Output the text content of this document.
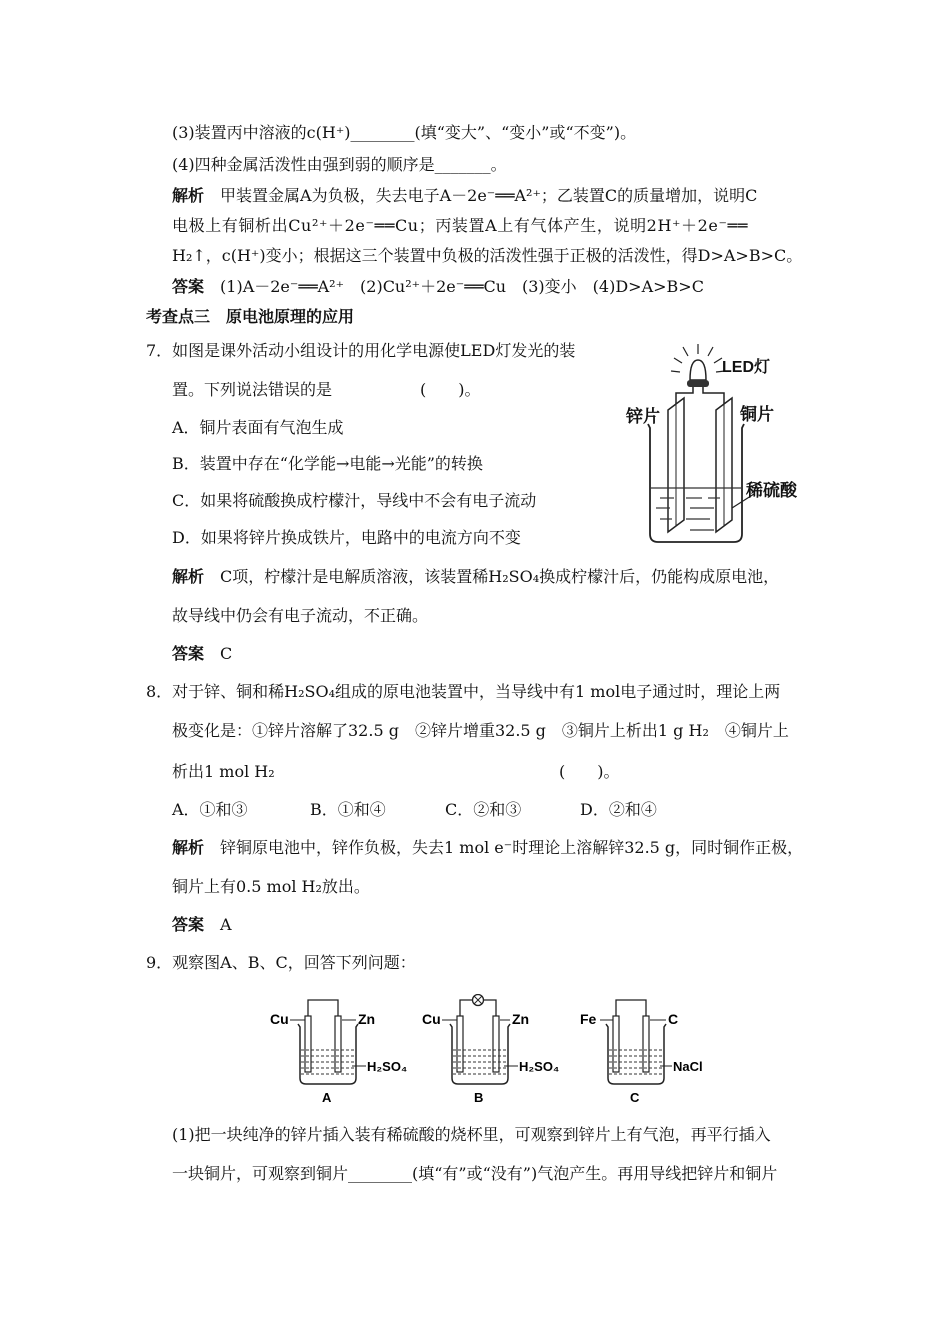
(3)装置丙中溶液的c(H⁺)________(填“变大”、“变小”或“不变”)。
(4)四种金属活泼性由强到弱的顺序是_______。
解析　 甲装置金属A为负极，失去电子A－2e⁻══A²⁺；乙装置C的质量增加，说明C
电极上有铜析出Cu²⁺＋2e⁻══Cu；丙装置A上有气体产生，说明2H⁺＋2e⁻══
H₂↑，c(H⁺)变小；根据这三个装置中负极的活泼性强于正极的活泼性，得D>A>B>C。
答案　 (1)A－2e⁻══A²⁺　(2)Cu²⁺＋2e⁻══Cu　(3)变小　(4)D>A>B>C
考查点三　原电池原理的应用
7．如图是课外活动小组设计的用化学电源使LED灯发光的装
置。下列说法错误的是	(　　)。
A．铜片表面有气泡生成
B．装置中存在“化学能→电能→光能”的转换
C．如果将硫酸换成柠檬汁，导线中不会有电子流动
D．如果将锌片换成铁片，电路中的电流方向不变
LED灯
锌片	铜片
稀硫酸
解析　 C项，柠檬汁是电解质溶液，该装置稀H₂SO₄换成柠檬汁后，仍能构成原电池，
故导线中仍会有电子流动，不正确。
答案　 C
8．对于锌、铜和稀H₂SO₄组成的原电池装置中，当导线中有1 mol电子通过时，理论上两
极变化是：①锌片溶解了32.5 g　②锌片增重32.5 g　③铜片上析出1 g H₂　④铜片上
析出1 mol H₂	(　　)。
A．①和③	B．①和④	C．②和③	D．②和④
解析　 锌铜原电池中，锌作负极，失去1 mol e⁻时理论上溶解锌32.5 g，同时铜作正极，
铜片上有0.5 mol H₂放出。
答案　 A
9．观察图A、B、C，回答下列问题：
Cu	Zn
H₂SO₄
A
Cu	Zn
H₂SO₄
B
Fe	C
NaCl
C
(1)把一块纯净的锌片插入装有稀硫酸的烧杯里，可观察到锌片上有气泡，再平行插入
一块铜片，可观察到铜片________(填“有”或“没有”)气泡产生。再用导线把锌片和铜片
